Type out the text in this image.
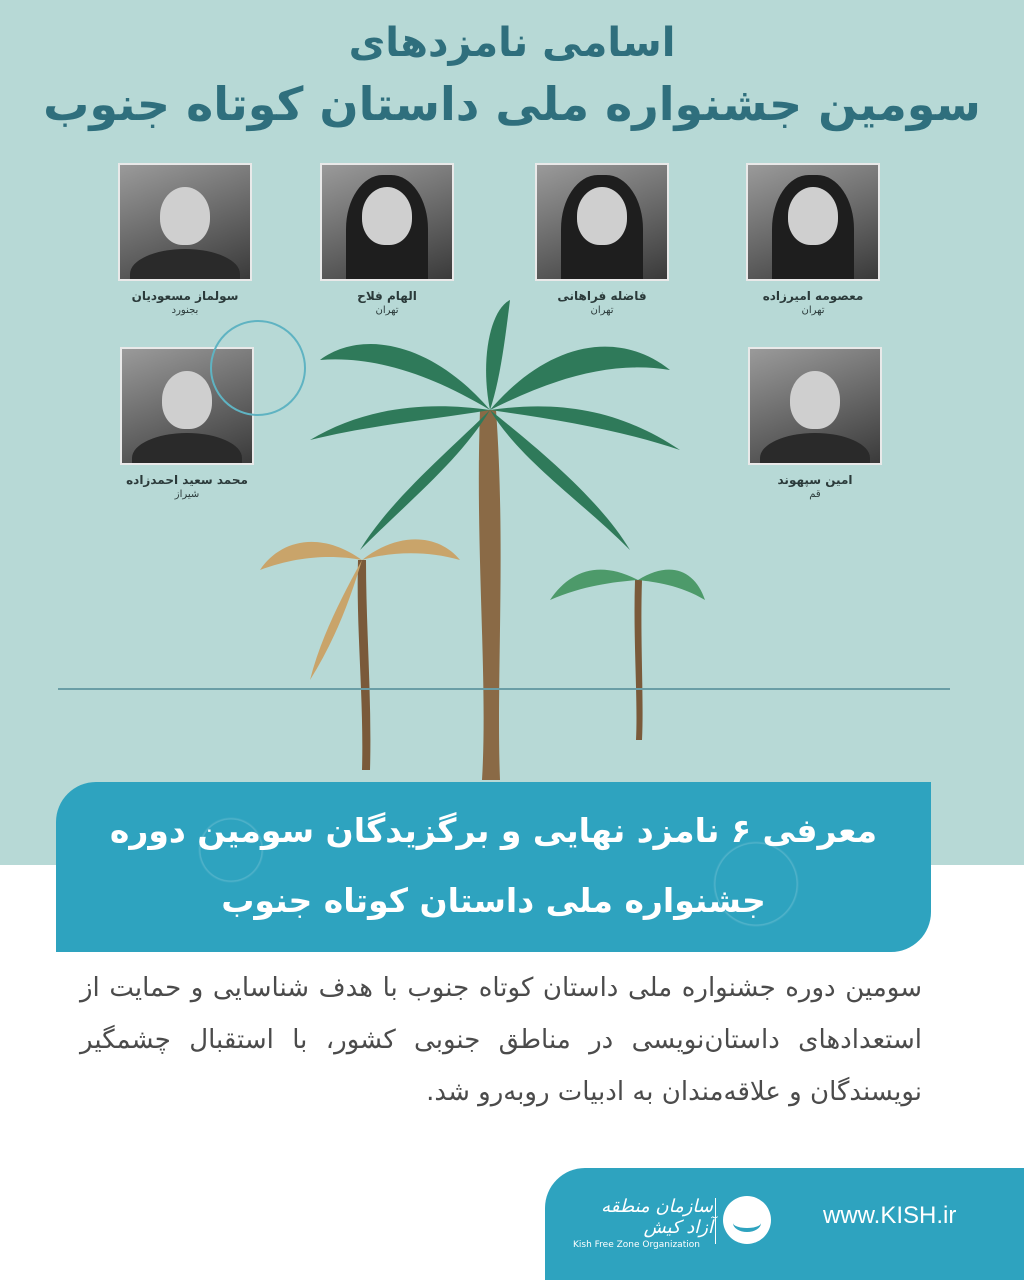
اسامی نامزدهای
سومین جشنواره ملی داستان کوتاه جنوب
معصومه امیرزاده
تهران
فاضله فراهانی
تهران
الهام فلاح
تهران
سولماز مسعودیان
بجنورد
امین سپهوند
قم
محمد سعید احمدزاده
شیراز
معرفی ۶ نامزد نهایی و برگزیدگان سومین دوره
جشنواره ملی داستان کوتاه جنوب
سومین دوره جشنواره ملی داستان کوتاه جنوب با هدف شناسایی و حمایت از استعدادهای داستان‌نویسی در مناطق جنوبی کشور، با استقبال چشمگیر نویسندگان و علاقه‌مندان به ادبیات روبه‌رو شد.
سازمان منطقه آزاد کیش
Kish Free Zone Organization
www.KISH.ir
